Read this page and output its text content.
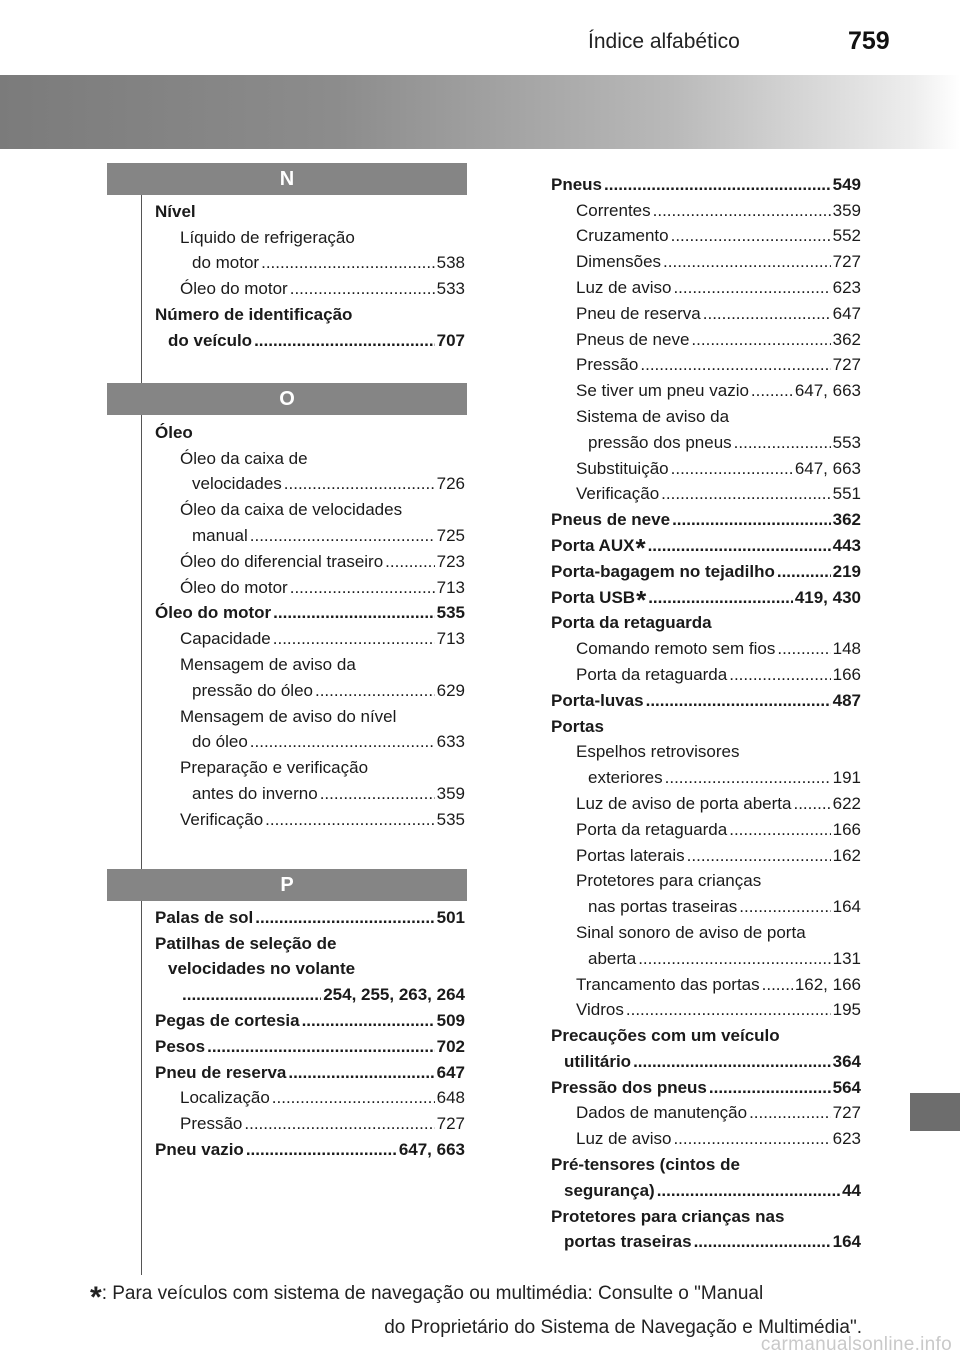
Índice alfabético	759
N
Nível
Líquido de refrigeração
do motor .....	538
Óleo do motor .....	533
Número de identificação
do veículo .....	707
O
Óleo
Óleo da caixa de
velocidades .....	726
Óleo da caixa de velocidades
manual .....	725
Óleo do diferencial traseiro .....	723
Óleo do motor .....	713
Óleo do motor .....	535
Capacidade .....	713
Mensagem de aviso da
pressão do óleo .....	629
Mensagem de aviso do nível
do óleo .....	633
Preparação e verificação
antes do inverno .....	359
Verificação .....	535
P
Palas de sol .....	501
Patilhas de seleção de
velocidades no volante
.....
254, 255, 263, 264
Pegas de cortesia .....	509
Pesos .....	702
Pneu de reserva .....	647
Localização .....	648
Pressão .....	727
Pneu vazio .....	647, 663
Pneus .....	549
Correntes .....	359
Cruzamento .....	552
Dimensões .....	727
Luz de aviso .....	623
Pneu de reserva .....	647
Pneus de neve .....	362
Pressão .....	727
Se tiver um pneu vazio .....	647, 663
Sistema de aviso da
pressão dos pneus .....	553
Substituição .....	647, 663
Verificação .....	551
Pneus de neve .....	362
Porta AUX * .....	443
Porta-bagagem no tejadilho .....	219
Porta USB * .....	419, 430
Porta da retaguarda
Comando remoto sem fios .....	148
Porta da retaguarda .....	166
Porta-luvas .....	487
Portas
Espelhos retrovisores
exteriores .....	191
Luz de aviso de porta aberta ..... 622
Porta da retaguarda .....	166
Portas laterais .....	162
Protetores para crianças
nas portas traseiras .....	164
Sinal sonoro de aviso de porta
aberta .....	131
Trancamento das portas ..... 162, 166
Vidros .....	195
Precauções com um veículo
utilitário .....	364
Pressão dos pneus .....	564
Dados de manutenção .....	727
Luz de aviso .....	623
Pré-tensores (cintos de
segurança) .....	44
Protetores para crianças nas
portas traseiras .....	164
*: Para veículos com sistema de navegação ou multimédia: Consulte o "Manual
do Proprietário do Sistema de Navegação e Multimédia".
carmanualsonline.info
